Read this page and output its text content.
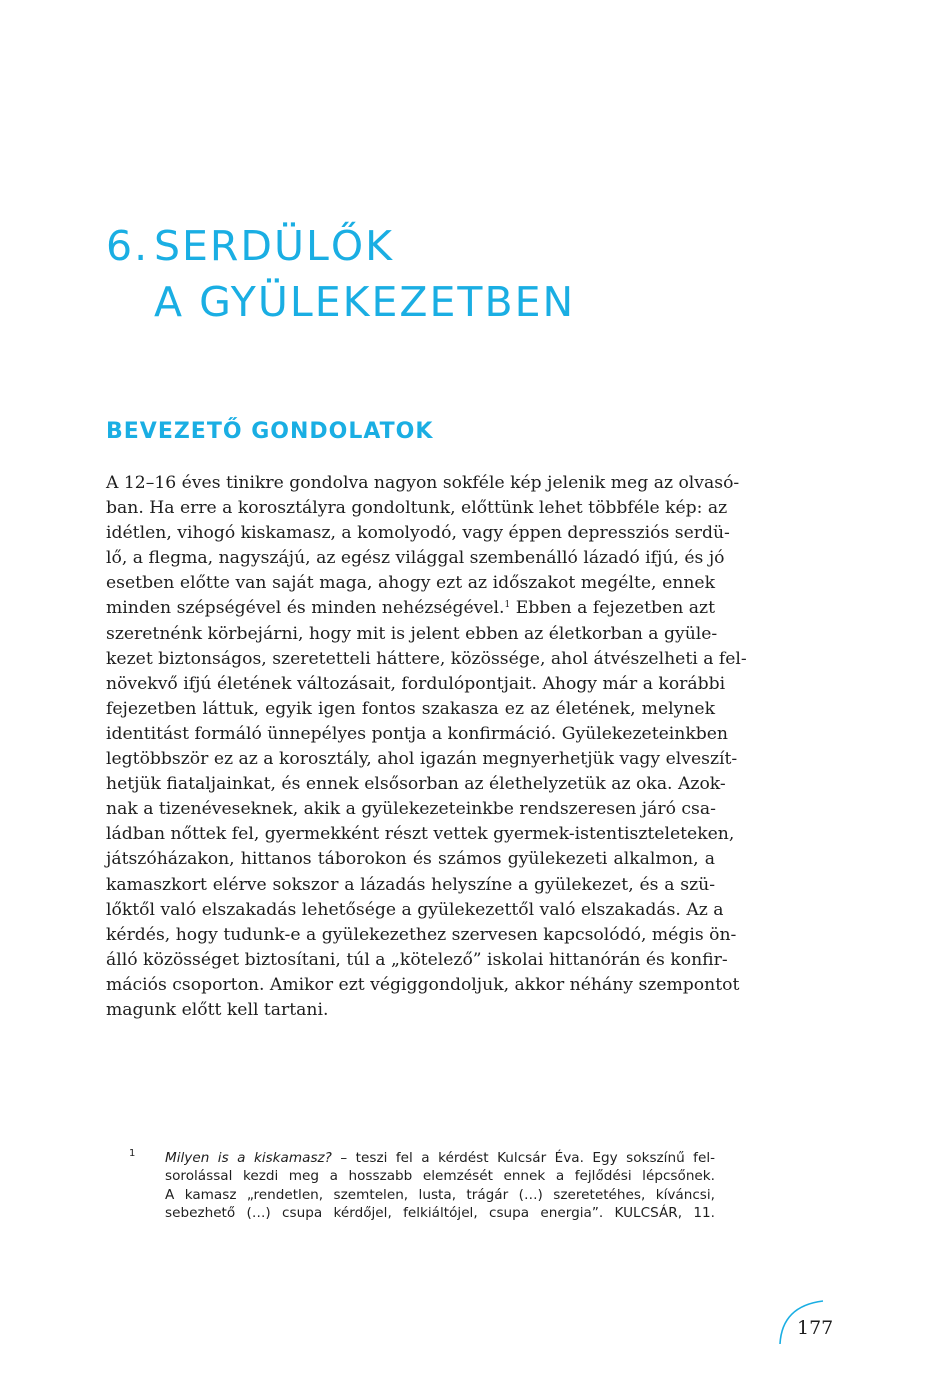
6. SERDÜLŐK
A GYÜLEKEZETBEN
BEVEZETŐ GONDOLATOK
A 12–16 éves tinikre gondolva nagyon sokféle kép jelenik meg az olvasó-
ban. Ha erre a korosztályra gondoltunk, előttünk lehet többféle kép: az
idétlen, vihogó kiskamasz, a komolyodó, vagy éppen depressziós serdü-
lő, a flegma, nagyszájú, az egész világgal szembenálló lázadó ifjú, és jó
esetben előtte van saját maga, ahogy ezt az időszakot megélte, ennek
minden szépségével és minden nehézségével.$^1$ Ebben a fejezetben azt
szeretnénk körbejárni, hogy mit is jelent ebben az életkorban a gyüle-
kezet biztonságos, szeretetteli háttere, közössége, ahol átvészelheti a fel-
növekvő ifjú életének változásait, fordulópontjait. Ahogy már a korábbi
fejezetben láttuk, egyik igen fontos szakasza ez az életének, melynek
identitást formáló ünnepélyes pontja a konfirmáció. Gyülekezeteinkben
legtöbbször ez az a korosztály, ahol igazán megnyerhetjük vagy elveszít-
hetjük fiataljainkat, és ennek elsősorban az élethelyzetük az oka. Azok-
nak a tizenéveseknek, akik a gyülekezeteinkbe rendszeresen járó csa-
ládban nőttek fel, gyermekként részt vettek gyermek-istentiszteleteken,
játszóházakon, hittanos táborokon és számos gyülekezeti alkalmon, a
kamaszkort elérve sokszor a lázadás helyszíne a gyülekezet, és a szü-
lőktől való elszakadás lehetősége a gyülekezettől való elszakadás. Az a
kérdés, hogy tudunk-e a gyülekezethez szervesen kapcsolódó, mégis ön-
álló közösséget biztosítani, túl a „kötelező” iskolai hittanórán és konfir-
mációs csoporton. Amikor ezt végiggondoljuk, akkor néhány szempontot
magunk előtt kell tartani.
1 Milyen is a kiskamasz? – teszi fel a kérdést Kulcsár Éva. Egy sokszínű fel-
sorolással kezdi meg a hosszabb elemzését ennek a fejlődési lépcsőnek.
A kamasz „rendetlen, szemtelen, lusta, trágár (…) szeretetéhes, kíváncsi,
sebezhető (…) csupa kérdőjel, felkiáltójel, csupa energia”. KULCSÁR, 11.
177
